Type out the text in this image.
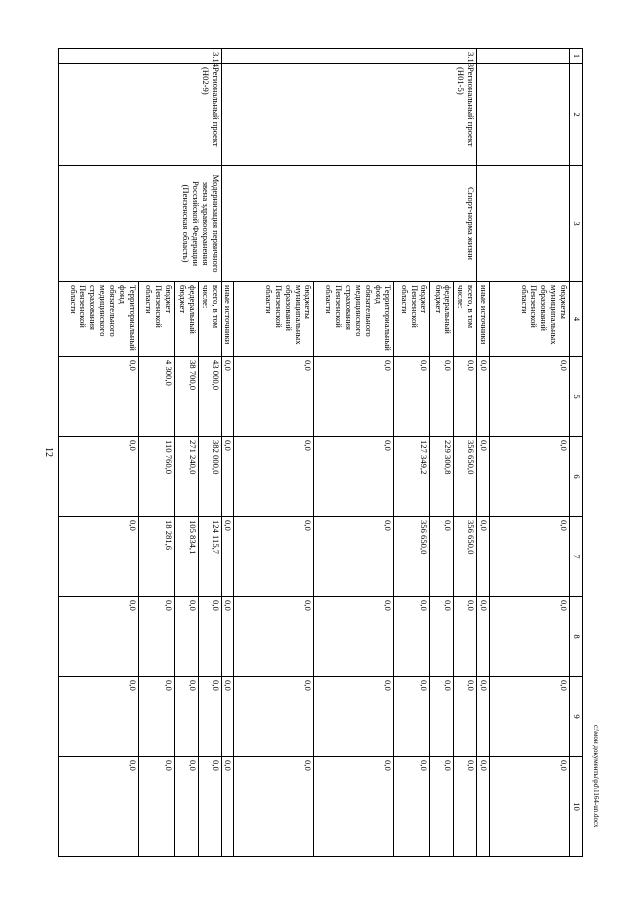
12
1	2	3	4	5	6	7	8	9	10
			бюджеты муниципальных образований Пензенской области	0,0	0,0	0,0	0,0	0,0	0,0
			иные источники	0,0	0,0	0,0	0,0	0,0	0,0
3.13.	Региональный проект (Н01-5)	Спорт-норма жизни	всего, в том числе:	0,0	356 650,0	356 650,0	0,0	0,0	0,0
			федеральный бюджет	0,0	229 300,8	0,0	0,0	0,0	0,0
			бюджет Пензенской области	0,0	127 349,2	356 650,0	0,0	0,0	0,0
			Территориальный фонд обязательного медицинского страхования Пензенской области	0,0	0,0	0,0	0,0	0,0	0,0
			бюджеты муниципальных образований Пензенской области	0,0	0,0	0,0	0,0	0,0	0,0
			иные источники	0,0	0,0	0,0	0,0	0,0	0,0
3.14.	Региональный проект (Н02-9)	Модернизация первичного звена здравоохранения Российской Федерации (Пензенская область)	всего, в том числе:	43 000,0	382 000,0	124 115,7	0,0	0,0	0,0
			федеральный бюджет	38 700,0	271 240,0	105 834,1	0,0	0,0	0,0
			бюджет Пензенской области	4 300,0	110 760,0	18 281,6	0,0	0,0	0,0
			Территориальный фонд обязательного медицинского страхования Пензенской области	0,0	0,0	0,0	0,0	0,0	0,0	c:\мои документы\pd\1164-un.docx
